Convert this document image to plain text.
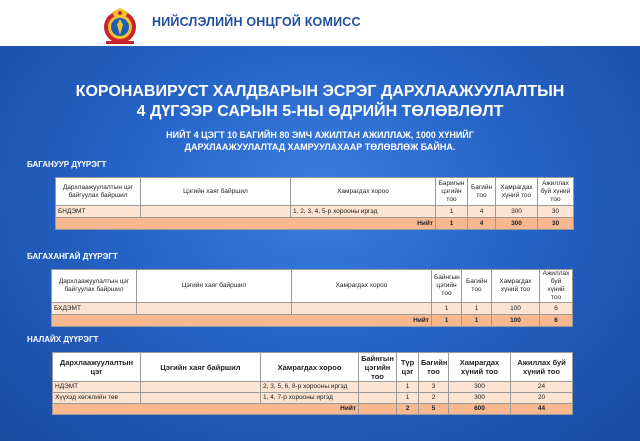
НИЙСЛЭЛИЙН ОНЦГОЙ КОМИСС
КОРОНАВИРУСТ ХАЛДВАРЫН ЭСРЭГ ДАРХЛААЖУУЛАЛТЫН
4 ДҮГЭЭР САРЫН 5-НЫ ӨДРИЙН ТӨЛӨВЛӨЛТ
НИЙТ 4 ЦЭГТ 10 БАГИЙН 80 ЭМЧ АЖИЛТАН АЖИЛЛАЖ, 1000 ХҮНИЙГ
ДАРХЛААЖУУЛАЛТАД ХАМРУУЛАХААР ТӨЛӨВЛӨЖ БАЙНА.
БАГАНУУР ДҮҮРЭГТ
Дархлаажуулалтын цэг байгуулах байршил	Цэгийн хаяг байршил	Хамрагдах хороо	Баригын цэгийн тоо	Багийн тоо	Хамрагдах хүний тоо	Ажиллах буй хүний тоо
БНДЭМТ		1, 2, 3, 4, 5-р хорооны иргэд	1	4	300	30
Нийт			1	4	300	30
БАГАХАНГАЙ ДҮҮРЭГТ
Дархлаажуулалтын цэг байгуулах байршил	Цэгийн хаяг байршил	Хамрагдах хороо	Байнгын цэгийн тоо	Багийн тоо	Хамрагдах хүний тоо	Ажиллах буй хүний тоо
БХДЭМТ			1	1	100	6
Нийт			1	1	100	6
НАЛАЙХ ДҮҮРЭГТ
Дархлаажуулалтын цэг	Цэгийн хаяг байршил	Хамрагдах хороо	Байнгын цэгийн тоо	Түр цэг	Багийн тоо	Хамрагдах хүний тоо	Ажиллах буй хүний тоо
НДЭМТ		2, 3, 5, 6, 8-р хорооны иргэд		1	3	300	24
Хүүхэд хөгжлийн төв		1, 4, 7-р хорооны иргэд		1	2	300	20
Нийт				2	5	600	44
